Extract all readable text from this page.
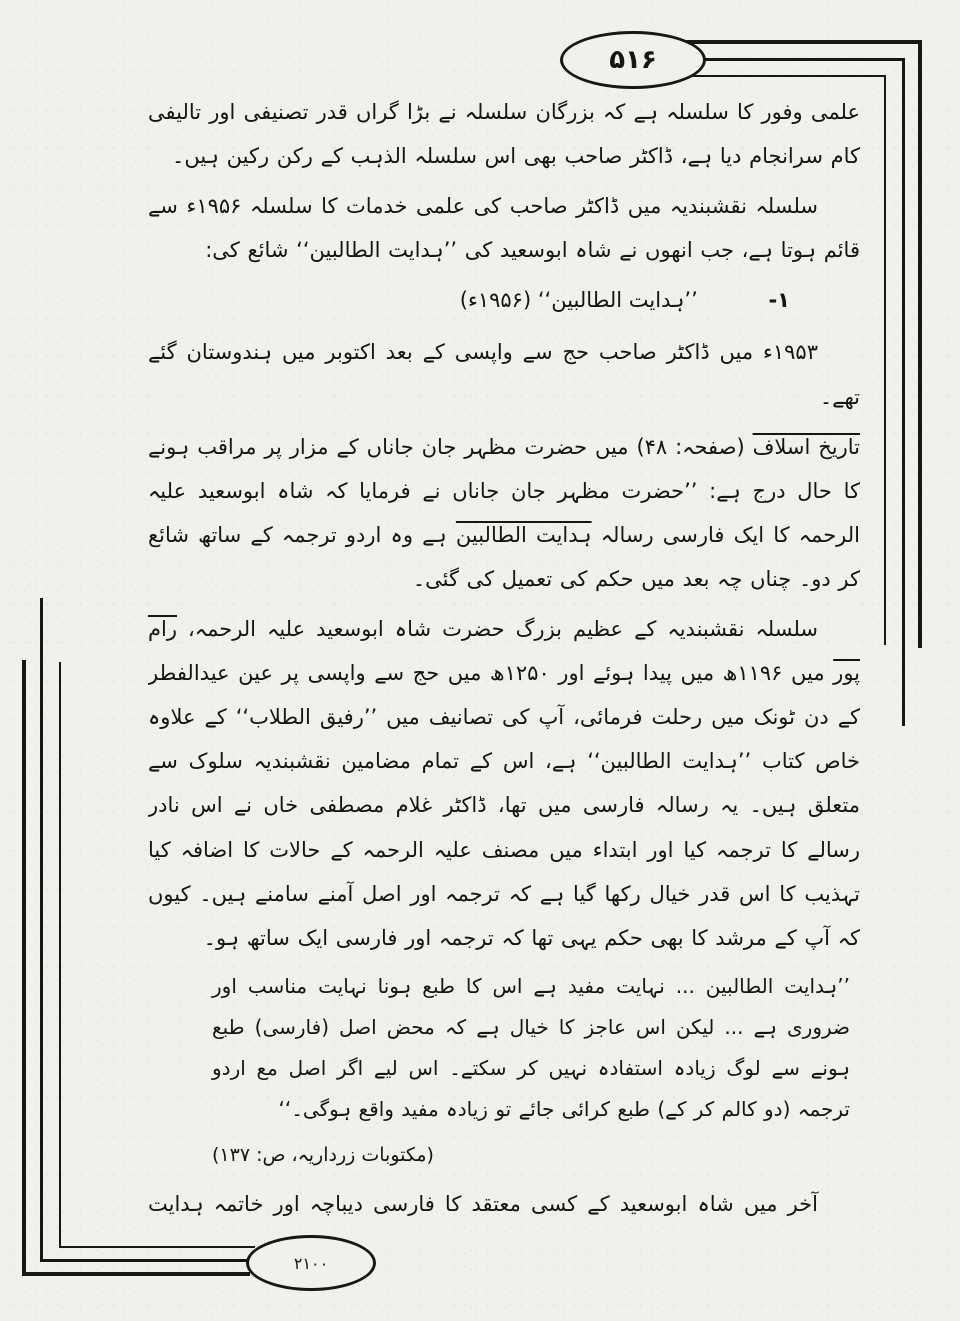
۵۱۶

علمی وفور کا سلسلہ ہے کہ بزرگان سلسلہ نے بڑا گراں قدر تصنیفی اور تالیفی کام سرانجام دیا ہے، ڈاکٹر صاحب بھی اس سلسلہ الذہب کے رکن رکین ہیں۔

سلسلہ نقشبندیہ میں ڈاکٹر صاحب کی علمی خدمات کا سلسلہ ۱۹۵۶ء سے قائم ہوتا ہے، جب انھوں نے شاہ ابوسعید کی ’’ہدایت الطالبین‘‘ شائع کی:

۱- ’’ہدایت الطالبین‘‘ (۱۹۵۶ء)

۱۹۵۳ء میں ڈاکٹر صاحب حج سے واپسی کے بعد اکتوبر میں ہندوستان گئے تھے۔

تاریخ اسلاف (صفحہ: ۴۸) میں حضرت مظہر جان جاناں کے مزار پر مراقب ہونے کا حال درج ہے: ’’حضرت مظہر جان جاناں نے فرمایا کہ شاہ ابوسعید علیہ الرحمہ کا ایک فارسی رسالہ ہدایت الطالبین ہے وہ اردو ترجمہ کے ساتھ شائع کر دو۔ چناں چہ بعد میں حکم کی تعمیل کی گئی۔

سلسلہ نقشبندیہ کے عظیم بزرگ حضرت شاہ ابوسعید علیہ الرحمہ، رام پور میں ۱۱۹۶ھ میں پیدا ہوئے اور ۱۲۵۰ھ میں حج سے واپسی پر عین عیدالفطر کے دن ٹونک میں رحلت فرمائی، آپ کی تصانیف میں ’’رفیق الطلاب‘‘ کے علاوہ خاص کتاب ’’ہدایت الطالبین‘‘ ہے، اس کے تمام مضامین نقشبندیہ سلوک سے متعلق ہیں۔ یہ رسالہ فارسی میں تھا، ڈاکٹر غلام مصطفی خاں نے اس نادر رسالے کا ترجمہ کیا اور ابتداء میں مصنف علیہ الرحمہ کے حالات کا اضافہ کیا تہذیب کا اس قدر خیال رکھا گیا ہے کہ ترجمہ اور اصل آمنے سامنے ہیں۔ کیوں کہ آپ کے مرشد کا بھی حکم یہی تھا کہ ترجمہ اور فارسی ایک ساتھ ہو۔

’’ہدایت الطالبین ... نہایت مفید ہے اس کا طبع ہونا نہایت مناسب اور ضروری ہے ... لیکن اس عاجز کا خیال ہے کہ محض اصل (فارسی) طبع ہونے سے لوگ زیادہ استفادہ نہیں کر سکتے۔ اس لیے اگر اصل مع اردو ترجمہ (دو کالم کر کے) طبع کرائی جائے تو زیادہ مفید واقع ہوگی۔‘‘

(مکتوبات زرداریہ، ص: ۱۳۷)

آخر میں شاہ ابوسعید کے کسی معتقد کا فارسی دیباچہ اور خاتمہ ہدایت

۲۱۰۰
